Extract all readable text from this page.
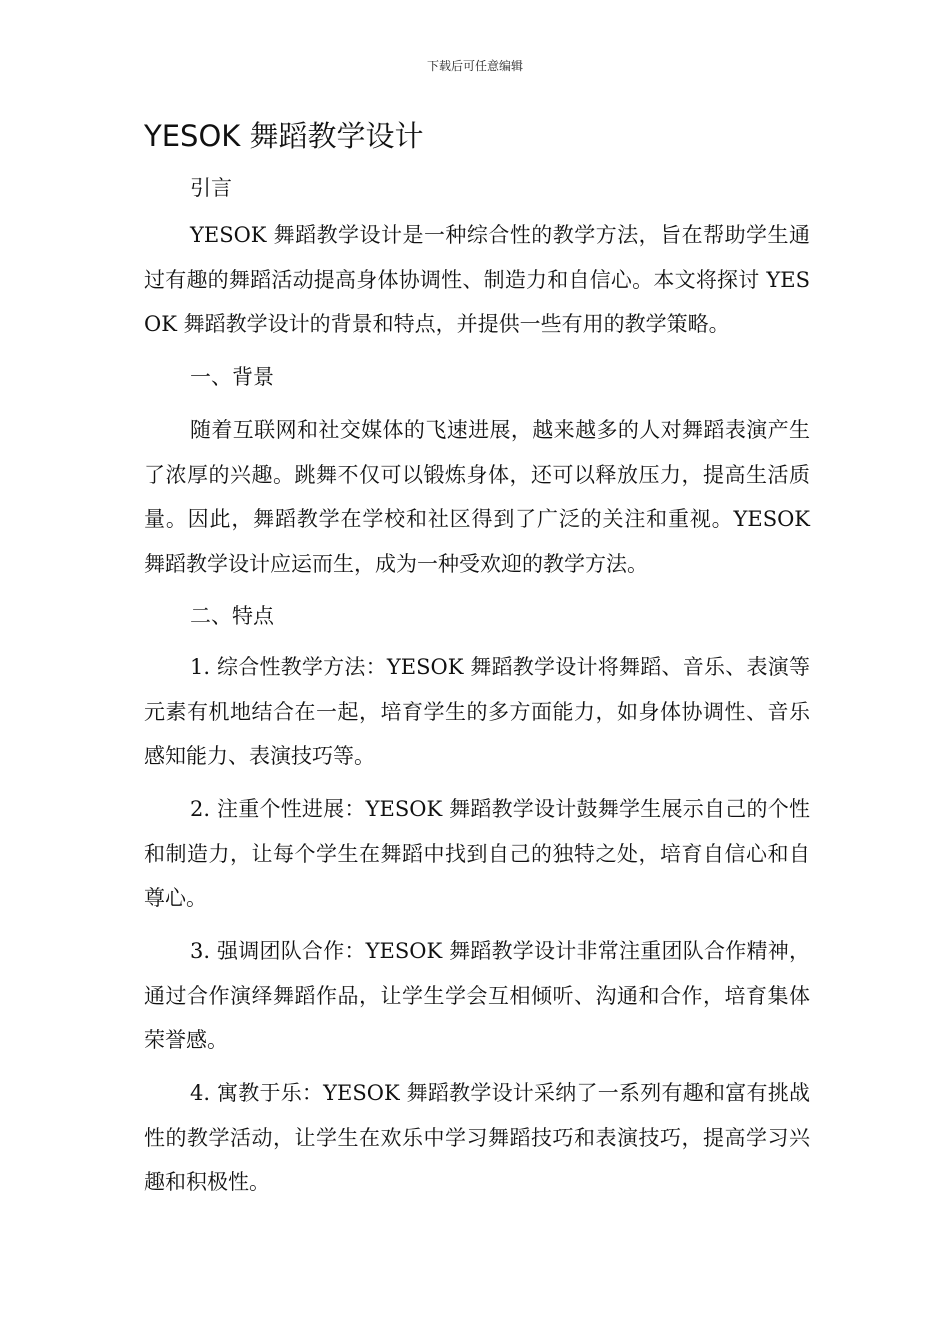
下载后可任意编辑
YESOK 舞蹈教学设计
引言

YESOK 舞蹈教学设计是一种综合性的教学方法，旨在帮助学生通过有趣的舞蹈活动提高身体协调性、制造力和自信心。本文将探讨 YESOK 舞蹈教学设计的背景和特点，并提供一些有用的教学策略。

一、背景

随着互联网和社交媒体的飞速进展，越来越多的人对舞蹈表演产生了浓厚的兴趣。跳舞不仅可以锻炼身体，还可以释放压力，提高生活质量。因此，舞蹈教学在学校和社区得到了广泛的关注和重视。YESOK 舞蹈教学设计应运而生，成为一种受欢迎的教学方法。

二、特点

1. 综合性教学方法：YESOK 舞蹈教学设计将舞蹈、音乐、表演等元素有机地结合在一起，培育学生的多方面能力，如身体协调性、音乐感知能力、表演技巧等。

2. 注重个性进展：YESOK 舞蹈教学设计鼓舞学生展示自己的个性和制造力，让每个学生在舞蹈中找到自己的独特之处，培育自信心和自尊心。

3. 强调团队合作：YESOK 舞蹈教学设计非常注重团队合作精神，通过合作演绎舞蹈作品，让学生学会互相倾听、沟通和合作，培育集体荣誉感。

4. 寓教于乐：YESOK 舞蹈教学设计采纳了一系列有趣和富有挑战性的教学活动，让学生在欢乐中学习舞蹈技巧和表演技巧，提高学习兴趣和积极性。
